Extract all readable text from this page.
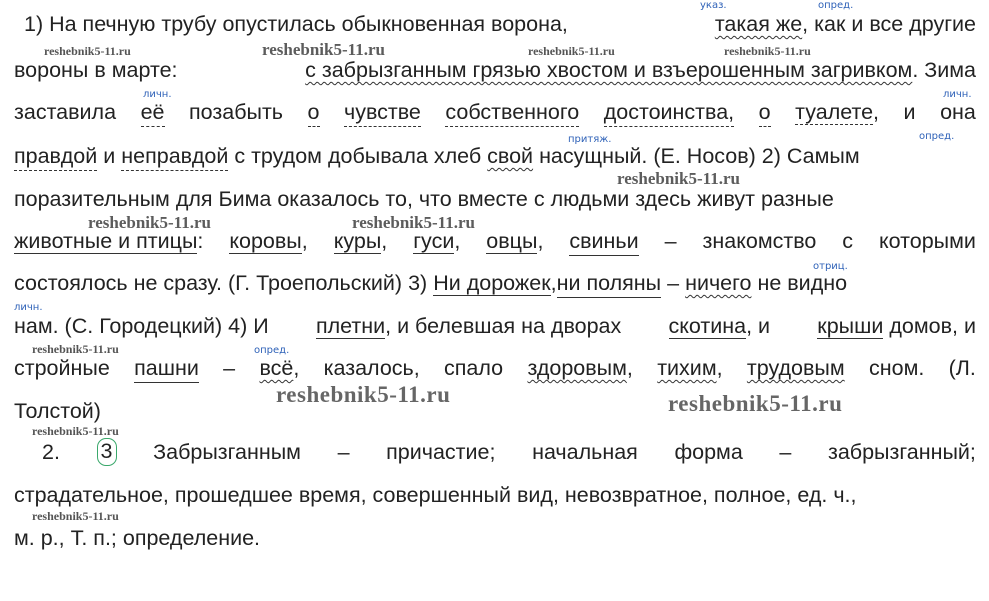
1) На печную трубу опустилась обыкновенная ворона,	такая же, как и все другие
вороны в марте:	с забрызганным грязью хвостом и взъерошенным загривком. Зима
заставила её позабыть о чувстве собственного достоинства, о туалете, и она
правдой и неправдой с трудом добывала хлеб свой насущный. (Е. Носов) 2) Самым
поразительным для Бима оказалось то, что вместе с людьми здесь живут разные
животные и птицы: коровы, куры, гуси, овцы, свиньи – знакомство с которыми
состоялось не сразу. (Г. Троепольский) 3) Ни дорожек, ни поляны – ничего не видно
нам. (С. Городецкий) 4) И плетни, и белевшая на дворах скотина, и крыши домов, и
стройные пашни – всё, казалось, спало здоровым, тихим, трудовым сном. (Л.
Толстой)
2. 3 Забрызганным – причастие; начальная форма – забрызганный;
страдательное, прошедшее время, совершенный вид, невозвратное, полное, ед. ч.,
м. р., Т. п.; определение.
указ.	опред.
личн.	личн.
притяж.	опред.
отриц.
личн.
опред.
reshebnik5-11.ru	reshebnik5-11.ru	reshebnik5-11.ru	reshebnik5-11.ru
reshebnik5-11.ru
reshebnik5-11.ru	reshebnik5-11.ru
reshebnik5-11.ru
reshebnik5-11.ru	reshebnik5-11.ru
reshebnik5-11.ru
reshebnik5-11.ru
